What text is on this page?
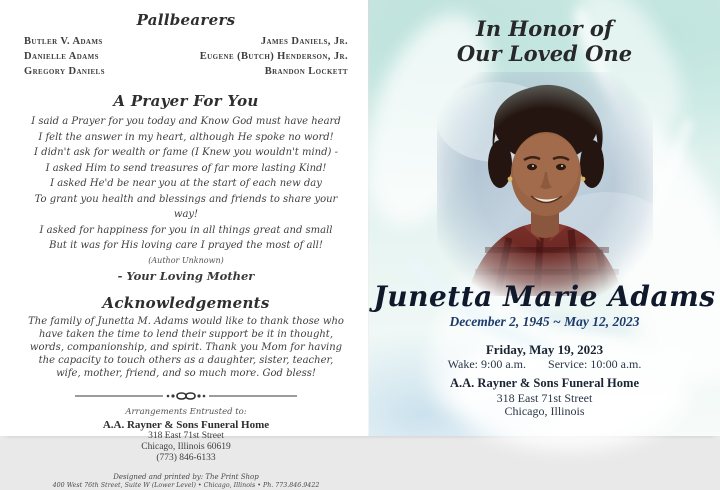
Pallbearers
Butler V. Adams
Danielle Adams
Gregory Daniels
James Daniels, Jr.
Eugene (Butch) Henderson, Jr.
Brandon Lockett
A Prayer For You
I said a Prayer for you today and Know God must have heard
I felt the answer in my heart, although He spoke no word!
I didn't ask for wealth or fame (I Knew you wouldn't mind) -
I asked Him to send treasures of far more lasting Kind!
I asked He'd be near you at the start of each new day
To grant you health and blessings and friends to share your way!
I asked for happiness for you in all things great and small
But it was for His loving care I prayed the most of all!
(Author Unknown)
- Your Loving Mother
Acknowledgements
The family of Junetta M. Adams would like to thank those who have taken the time to lend their support be it in thought, words, companionship, and spirit. Thank you Mom for having the capacity to touch others as a daughter, sister, teacher, wife, mother, friend, and so much more. God bless!
Arrangements Entrusted to:
A.A. Rayner & Sons Funeral Home
318 East 71st Street
Chicago, Illinois 60619
(773) 846-6133
Designed and printed by: The Print Shop
400 West 76th Street, Suite W (Lower Level) • Chicago, Illinois • Ph. 773.846.9422
In Honor of
Our Loved One
Junetta Marie Adams
December 2, 1945 ~ May 12, 2023
Friday, May 19, 2023
Wake: 9:00 a.m. Service: 10:00 a.m.
A.A. Rayner & Sons Funeral Home
318 East 71st Street
Chicago, Illinois
